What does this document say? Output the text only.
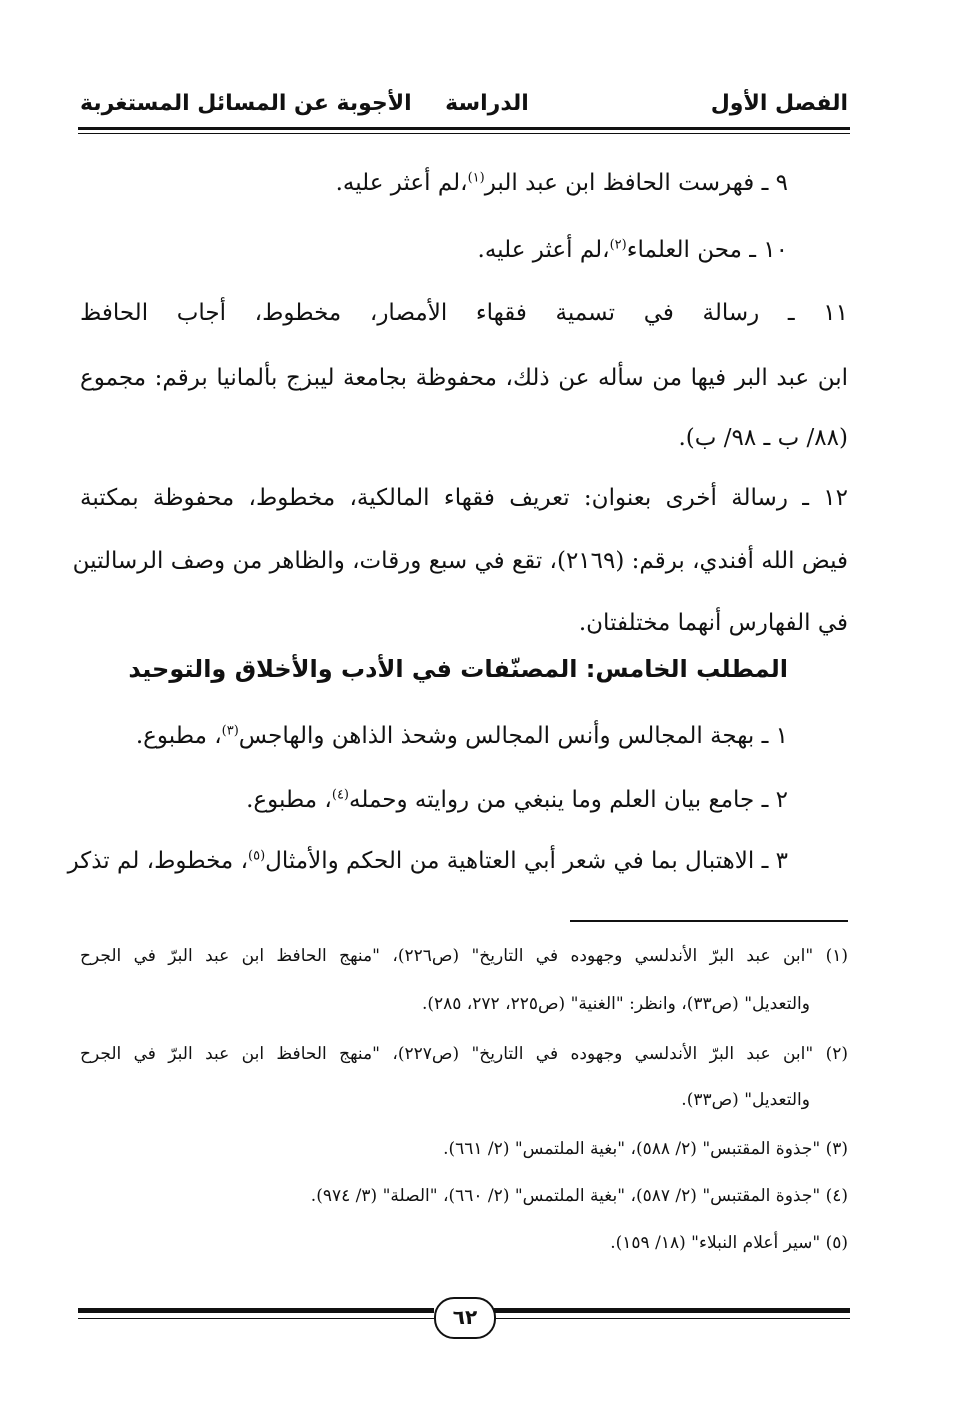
الفصل الأول
الدراسة
الأجوبة عن المسائل المستغربة
٩ ـ فهرست الحافظ ابن عبد البر$^{(١)}$،لم أعثر عليه.
١٠ ـ محن العلماء$^{(٢)}$،لم أعثر عليه.
١١ ـ رسالة في تسمية فقهاء الأمصار، مخطوط، أجاب الحافظ
ابن عبد البر فيها من سأله عن ذلك، محفوظة بجامعة ليبزج بألمانيا برقم: مجموع
(٨٨/ ب ـ ٩٨/ ب).
١٢ ـ رسالة أخرى بعنوان: تعريف فقهاء المالكية، مخطوط، محفوظة بمكتبة
فيض الله أفندي، برقم: (٢١٦٩)، تقع في سبع ورقات، والظاهر من وصف الرسالتين
في الفهارس أنهما مختلفتان.
المطلب الخامس: المصنّفات في الأدب والأخلاق والتوحيد
١ ـ بهجة المجالس وأنس المجالس وشحذ الذاهن والهاجس$^{(٣)}$، مطبوع.
٢ ـ جامع بيان العلم وما ينبغي من روايته وحمله$^{(٤)}$، مطبوع.
٣ ـ الاهتبال بما في شعر أبي العتاهية من الحكم والأمثال$^{(٥)}$، مخطوط، لم تذكر
(١) "ابن عبد البرّ الأندلسي وجهوده في التاريخ" (ص٢٢٦)، "منهج الحافظ ابن عبد البرّ في الجرح
والتعديل" (ص٣٣)، وانظر: "الغنية" (ص٢٢٥، ٢٧٢، ٢٨٥).
(٢) "ابن عبد البرّ الأندلسي وجهوده في التاريخ" (ص٢٢٧)، "منهج الحافظ ابن عبد البرّ في الجرح
والتعديل" (ص٣٣).
(٣) "جذوة المقتبس" (٢/ ٥٨٨)، "بغية الملتمس" (٢/ ٦٦١).
(٤) "جذوة المقتبس" (٢/ ٥٨٧)، "بغية الملتمس" (٢/ ٦٦٠)، "الصلة" (٣/ ٩٧٤).
(٥) "سير أعلام النبلاء" (١٨/ ١٥٩).
٦٢
